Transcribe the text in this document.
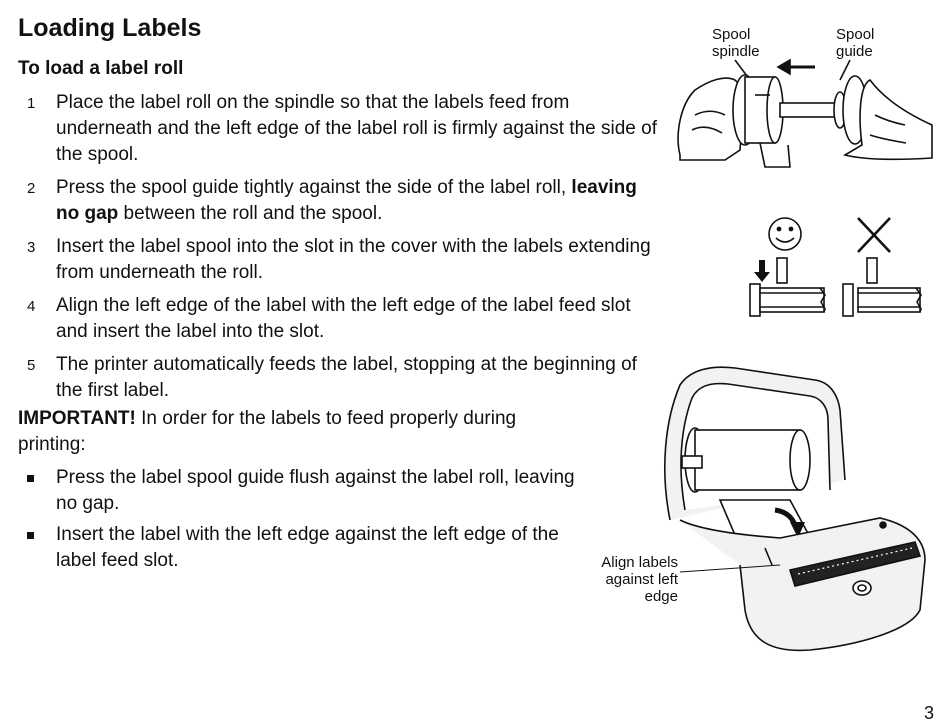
Loading Labels
To load a label roll
1 Place the label roll on the spindle so that the labels feed from underneath and the left edge of the label roll is firmly against the side of the spool.
2 Press the spool guide tightly against the side of the label roll, leaving no gap between the roll and the spool.
3 Insert the label spool into the slot in the cover with the labels extending from underneath the roll.
4 Align the left edge of the label with the left edge of the label feed slot and insert the label into the slot.
5 The printer automatically feeds the label, stopping at the beginning of the first label.
IMPORTANT! In order for the labels to feed properly during printing:
Press the label spool guide flush against the label roll, leaving no gap.
Insert the label with the left edge against the left edge of the label feed slot.
3
Spool spindle
Spool guide
Align labels against left edge
